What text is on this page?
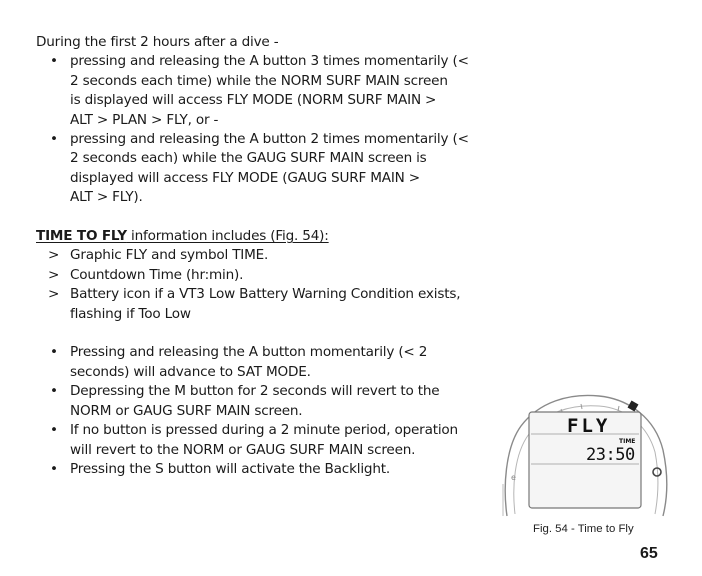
During the first 2 hours after a dive -
• pressing and releasing the A button 3 times momentarily (<
2 seconds each time) while the NORM SURF MAIN screen
is displayed will access FLY MODE (NORM SURF MAIN >
ALT > PLAN > FLY, or -
• pressing and releasing the A button 2 times momentarily (<
2 seconds each) while the GAUG SURF MAIN screen is
displayed will access FLY MODE (GAUG SURF MAIN >
ALT > FLY).
TIME TO FLY information includes (Fig. 54):
> Graphic FLY and symbol TIME.
> Countdown Time (hr:min).
> Battery icon if a VT3 Low Battery Warning Condition exists,
flashing if Too Low
• Pressing and releasing the A button momentarily (< 2
seconds) will advance to SAT MODE.
• Depressing the M button for 2 seconds will revert to the
NORM or GAUG SURF MAIN screen.
• If no button is pressed during a 2 minute period, operation
will revert to the NORM or GAUG SURF MAIN screen.
• Pressing the S button will activate the Backlight.
FLY
TIME
23:50
e
Fig. 54 - Time to Fly
65
